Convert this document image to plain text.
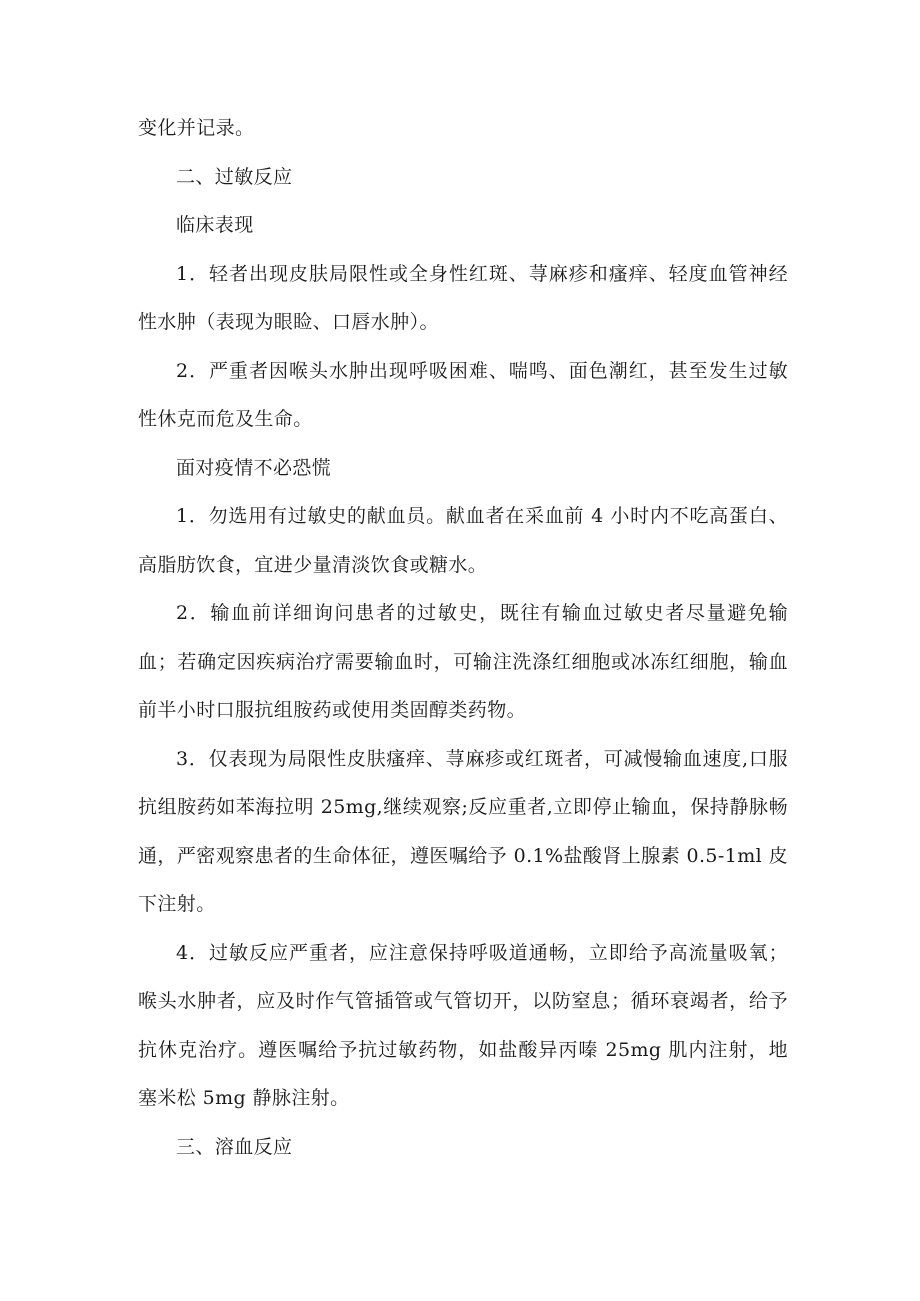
变化并记录。

二、过敏反应

临床表现

1．轻者出现皮肤局限性或全身性红斑、荨麻疹和瘙痒、轻度血管神经性水肿（表现为眼睑、口唇水肿）。

2．严重者因喉头水肿出现呼吸困难、喘鸣、面色潮红，甚至发生过敏性休克而危及生命。

面对疫情不必恐慌

1．勿选用有过敏史的献血员。献血者在采血前 4 小时内不吃高蛋白、高脂肪饮食，宜进少量清淡饮食或糖水。

2．输血前详细询问患者的过敏史，既往有输血过敏史者尽量避免输血；若确定因疾病治疗需要输血时，可输注洗涤红细胞或冰冻红细胞，输血前半小时口服抗组胺药或使用类固醇类药物。

3．仅表现为局限性皮肤瘙痒、荨麻疹或红斑者，可减慢输血速度,口服抗组胺药如苯海拉明 25mg,继续观察;反应重者,立即停止输血，保持静脉畅通，严密观察患者的生命体征，遵医嘱给予 0.1%盐酸肾上腺素 0.5-1ml 皮下注射。

4．过敏反应严重者，应注意保持呼吸道通畅，立即给予高流量吸氧；喉头水肿者，应及时作气管插管或气管切开，以防窒息；循环衰竭者，给予抗休克治疗。遵医嘱给予抗过敏药物，如盐酸异丙嗪 25mg 肌内注射，地塞米松 5mg 静脉注射。

三、溶血反应
